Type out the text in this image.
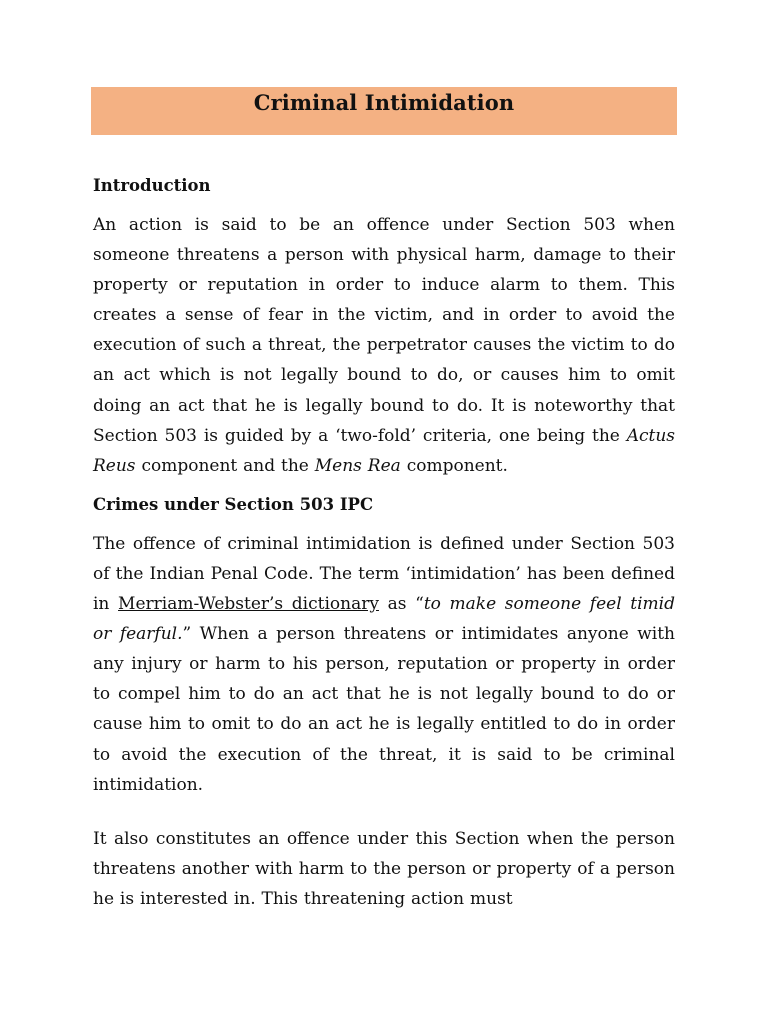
Criminal Intimidation
Introduction

An action is said to be an offence under Section 503 when someone threatens a person with physical harm, damage to their property or reputation in order to induce alarm to them. This creates a sense of fear in the victim, and in order to avoid the execution of such a threat, the perpetrator causes the victim to do an act which is not legally bound to do, or causes him to omit doing an act that he is legally bound to do. It is noteworthy that Section 503 is guided by a ‘two-fold’ criteria, one being the Actus Reus component and the Mens Rea component.

Crimes under Section 503 IPC

The offence of criminal intimidation is defined under Section 503 of the Indian Penal Code. The term ‘intimidation’ has been defined in Merriam-Webster’s dictionary as “to make someone feel timid or fearful.” When a person threatens or intimidates anyone with any injury or harm to his person, reputation or property in order to compel him to do an act that he is not legally bound to do or cause him to omit to do an act he is legally entitled to do in order to avoid the execution of the threat, it is said to be criminal intimidation.

It also constitutes an offence under this Section when the person threatens another with harm to the person or property of a person he is interested in. This threatening action must
